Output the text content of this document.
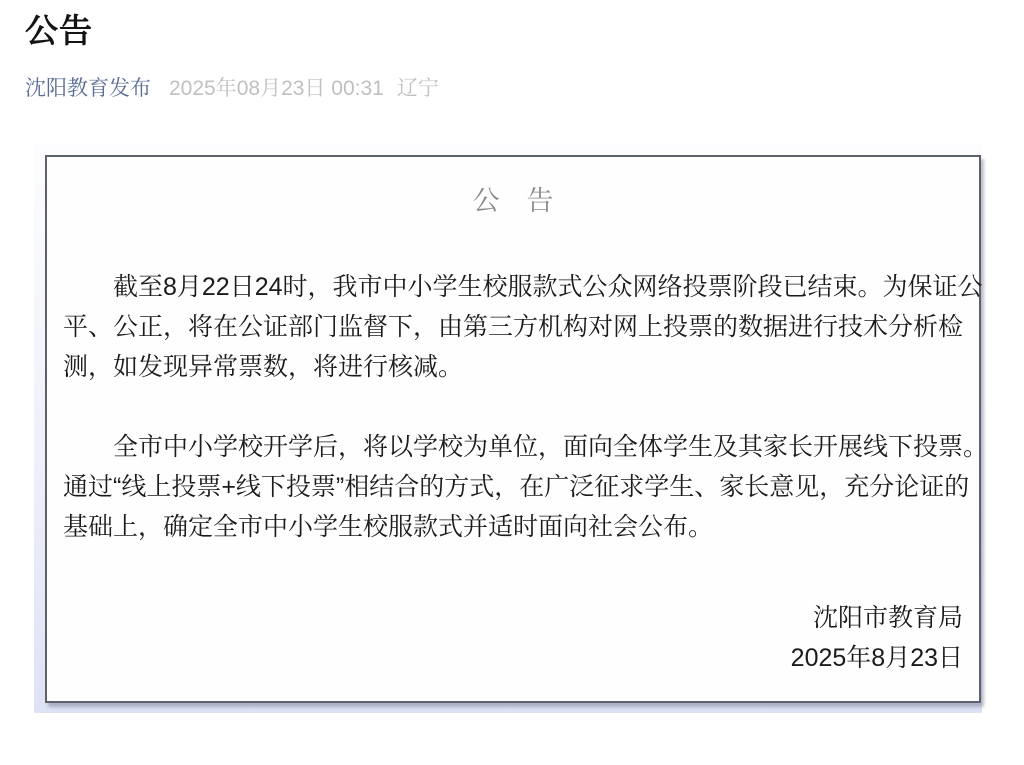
公告
沈阳教育发布 2025年08月23日 00:31 辽宁
公　告
截至8月22日24时，我市中小学生校服款式公众网络投票阶段已结束。为保证公
平、公正，将在公证部门监督下，由第三方机构对网上投票的数据进行技术分析检
测，如发现异常票数，将进行核减。
全市中小学校开学后，将以学校为单位，面向全体学生及其家长开展线下投票。
通过“线上投票+线下投票”相结合的方式，在广泛征求学生、家长意见，充分论证的
基础上，确定全市中小学生校服款式并适时面向社会公布。
沈阳市教育局
2025年8月23日
